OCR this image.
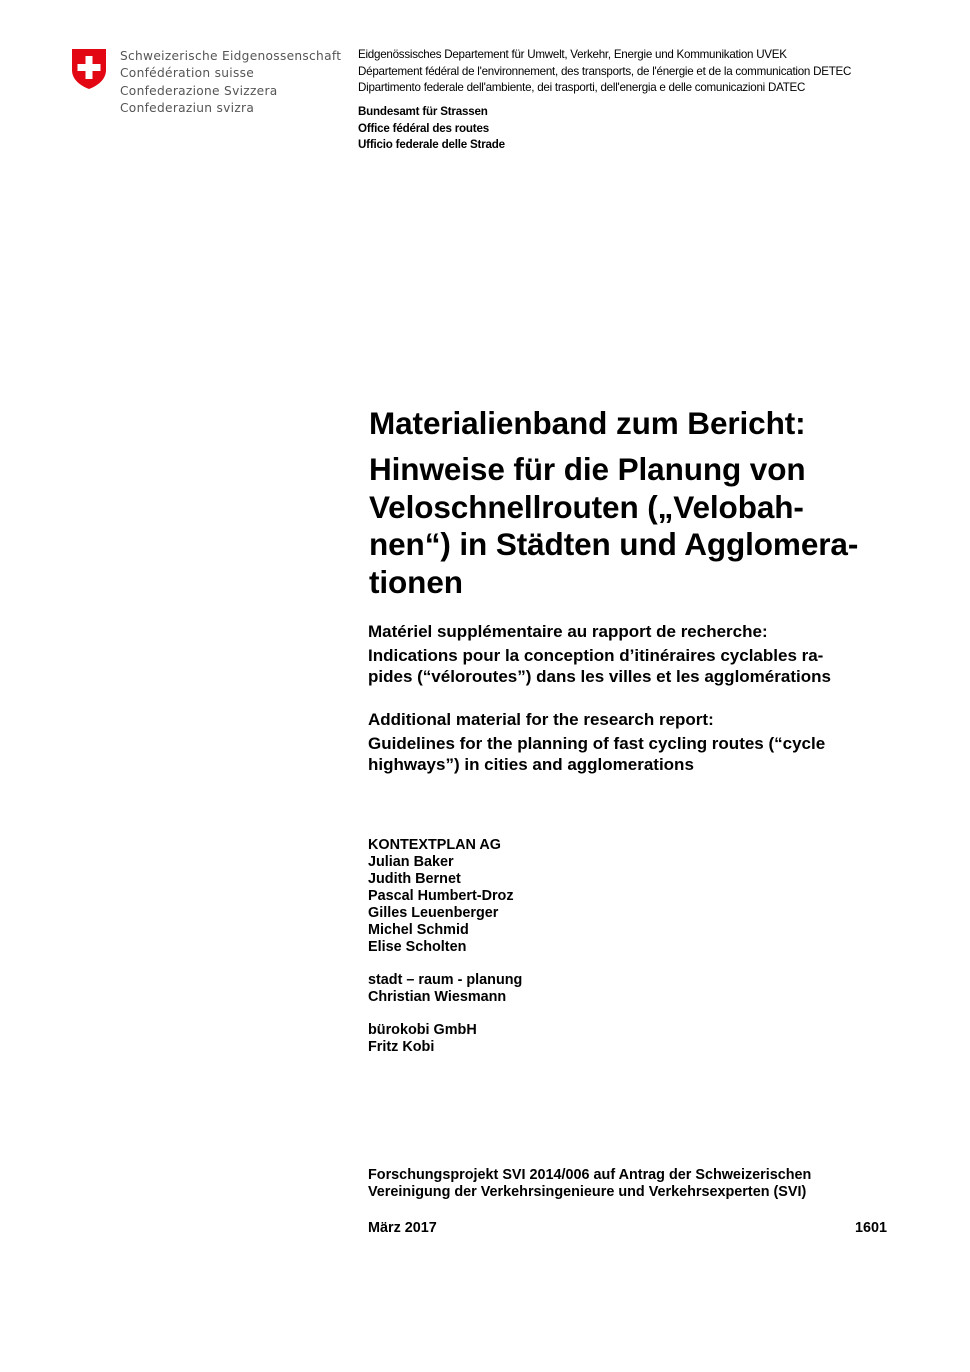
Schweizerische Eidgenossenschaft
Confédération suisse
Confederazione Svizzera
Confederaziun svizra
Eidgenössisches Departement für Umwelt, Verkehr, Energie und Kommunikation UVEK
Département fédéral de l'environnement, des transports, de l'énergie et de la communication DETEC
Dipartimento federale dell'ambiente, dei trasporti, dell'energia e delle comunicazioni DATEC
Bundesamt für Strassen
Office fédéral des routes
Ufficio federale delle Strade
Materialienband zum Bericht:
Hinweise für die Planung von
Veloschnellrouten („Velobah-
nen“) in Städten und Agglomera-
tionen
Matériel supplémentaire au rapport de recherche:
Indications pour la conception d’itinéraires cyclables ra-
pides (“véloroutes”) dans les villes et les agglomérations
Additional material for the research report:
Guidelines for the planning of fast cycling routes (“cycle
highways”) in cities and agglomerations
KONTEXTPLAN AG
Julian Baker
Judith Bernet
Pascal Humbert-Droz
Gilles Leuenberger
Michel Schmid
Elise Scholten
stadt – raum - planung
Christian Wiesmann
bürokobi GmbH
Fritz Kobi
Forschungsprojekt SVI 2014/006 auf Antrag der Schweizerischen
Vereinigung der Verkehrsingenieure und Verkehrsexperten (SVI)
März 2017	1601
